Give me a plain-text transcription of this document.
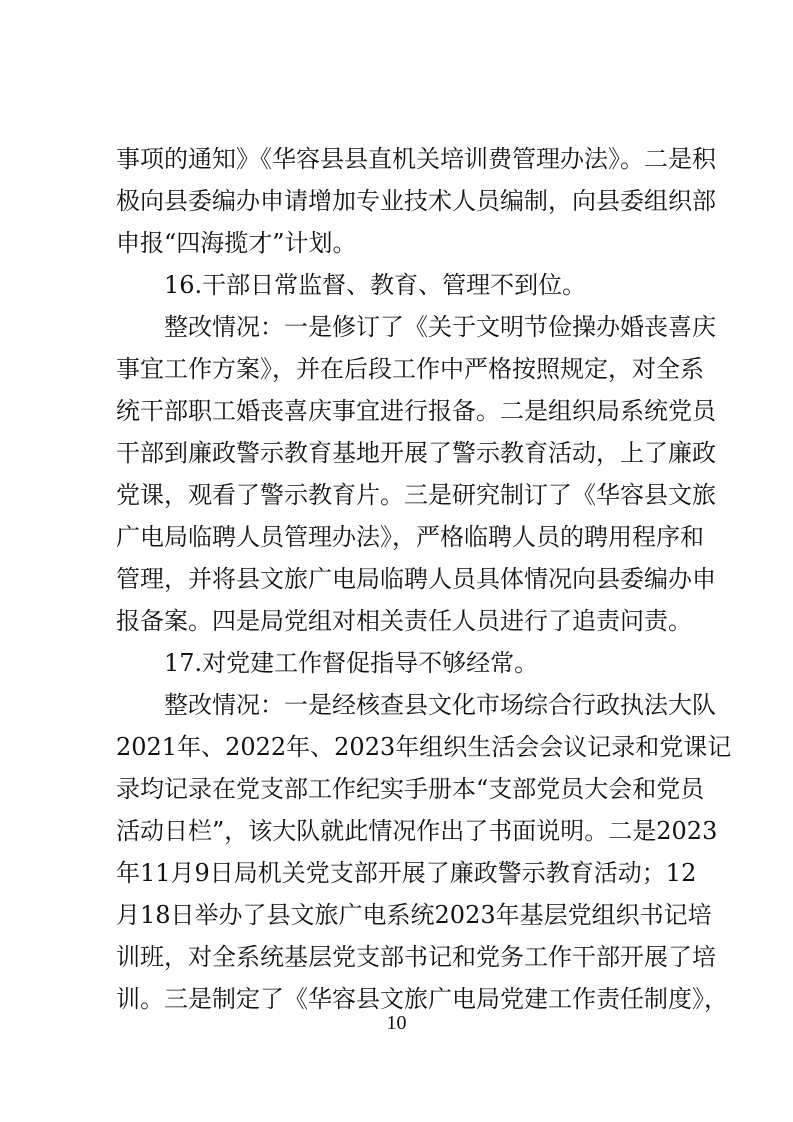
事项的通知》《华容县县直机关培训费管理办法》。二是积
极向县委编办申请增加专业技术人员编制，向县委组织部
申报“四海揽才”计划。
16.干部日常监督、教育、管理不到位。
整改情况：一是修订了《关于文明节俭操办婚丧喜庆
事宜工作方案》，并在后段工作中严格按照规定，对全系
统干部职工婚丧喜庆事宜进行报备。二是组织局系统党员
干部到廉政警示教育基地开展了警示教育活动，上了廉政
党课，观看了警示教育片。三是研究制订了《华容县文旅
广电局临聘人员管理办法》，严格临聘人员的聘用程序和
管理，并将县文旅广电局临聘人员具体情况向县委编办申
报备案。四是局党组对相关责任人员进行了追责问责。
17.对党建工作督促指导不够经常。
整改情况：一是经核查县文化市场综合行政执法大队
2021年、2022年、2023年组织生活会会议记录和党课记
录均记录在党支部工作纪实手册本“支部党员大会和党员
活动日栏”，该大队就此情况作出了书面说明。二是2023
年11月9日局机关党支部开展了廉政警示教育活动；12
月18日举办了县文旅广电系统2023年基层党组织书记培
训班，对全系统基层党支部书记和党务工作干部开展了培
训。三是制定了《华容县文旅广电局党建工作责任制度》，
10
